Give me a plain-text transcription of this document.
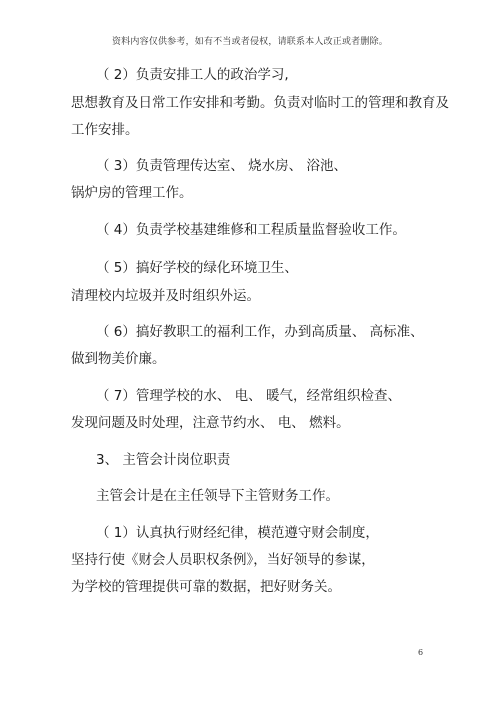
资料内容仅供参考，如有不当或者侵权，请联系本人改正或者删除。
（ 2）负责安排工人的政治学习,
思想教育及日常工作安排和考勤。负责对临时工的管理和教育及
工作安排。
（ 3）负责管理传达室、 烧水房、 浴池、
锅炉房的管理工作。
（ 4）负责学校基建维修和工程质量监督验收工作。
（ 5）搞好学校的绿化环境卫生、
清理校内垃圾并及时组织外运。
（ 6）搞好教职工的福利工作，办到高质量、 高标准、
做到物美价廉。
（ 7）管理学校的水、 电、 暖气，经常组织检查、
发现问题及时处理，注意节约水、 电、 燃料。
3、 主管会计岗位职责
主管会计是在主任领导下主管财务工作。
（ 1）认真执行财经纪律，模范遵守财会制度，
坚持行使《财会人员职权条例》，当好领导的参谋，
为学校的管理提供可靠的数据，把好财务关。
6
